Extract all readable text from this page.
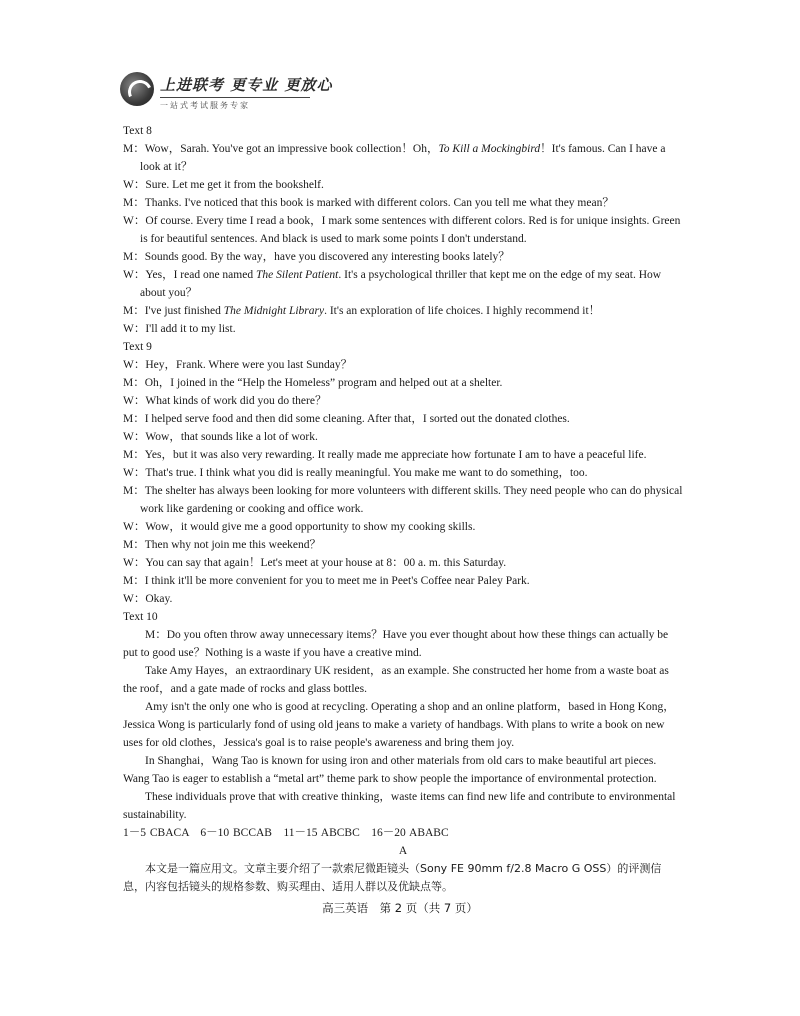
上进联考 更专业 更放心
一站式考试服务专家

Text 8

M：Wow，Sarah. You've got an impressive book collection！Oh，To Kill a Mockingbird！It's famous. Can I have a look at it？

W：Sure. Let me get it from the bookshelf.

M：Thanks. I've noticed that this book is marked with different colors. Can you tell me what they mean？

W：Of course. Every time I read a book，I mark some sentences with different colors. Red is for unique insights. Green is for beautiful sentences. And black is used to mark some points I don't understand.

M：Sounds good. By the way，have you discovered any interesting books lately？

W：Yes，I read one named The Silent Patient. It's a psychological thriller that kept me on the edge of my seat. How about you？

M：I've just finished The Midnight Library. It's an exploration of life choices. I highly recommend it！

W：I'll add it to my list.

Text 9

W：Hey，Frank. Where were you last Sunday？

M：Oh，I joined in the “Help the Homeless” program and helped out at a shelter.

W：What kinds of work did you do there？

M：I helped serve food and then did some cleaning. After that，I sorted out the donated clothes.

W：Wow，that sounds like a lot of work.

M：Yes，but it was also very rewarding. It really made me appreciate how fortunate I am to have a peaceful life.

W：That's true. I think what you did is really meaningful. You make me want to do something，too.

M：The shelter has always been looking for more volunteers with different skills. They need people who can do physical work like gardening or cooking and office work.

W：Wow，it would give me a good opportunity to show my cooking skills.

M：Then why not join me this weekend？

W：You can say that again！Let's meet at your house at 8：00 a. m. this Saturday.

M：I think it'll be more convenient for you to meet me in Peet's Coffee near Paley Park.

W：Okay.

Text 10

M：Do you often throw away unnecessary items？Have you ever thought about how these things can actually be put to good use？Nothing is a waste if you have a creative mind.

Take Amy Hayes，an extraordinary UK resident，as an example. She constructed her home from a waste boat as the roof，and a gate made of rocks and glass bottles.

Amy isn't the only one who is good at recycling. Operating a shop and an online platform，based in Hong Kong，Jessica Wong is particularly fond of using old jeans to make a variety of handbags. With plans to write a book on new uses for old clothes，Jessica's goal is to raise people's awareness and bring them joy.

In Shanghai，Wang Tao is known for using iron and other materials from old cars to make beautiful art pieces. Wang Tao is eager to establish a “metal art” theme park to show people the importance of environmental protection.

These individuals prove that with creative thinking，waste items can find new life and contribute to environmental sustainability.

1－5 CBACA　6－10 BCCAB　11－15 ABCBC　16－20 ABABC

A

本文是一篇应用文。文章主要介绍了一款索尼微距镜头（Sony FE 90mm f/2.8 Macro G OSS）的评测信息，内容包括镜头的规格参数、购买理由、适用人群以及优缺点等。

高三英语　第 2 页（共 7 页）
